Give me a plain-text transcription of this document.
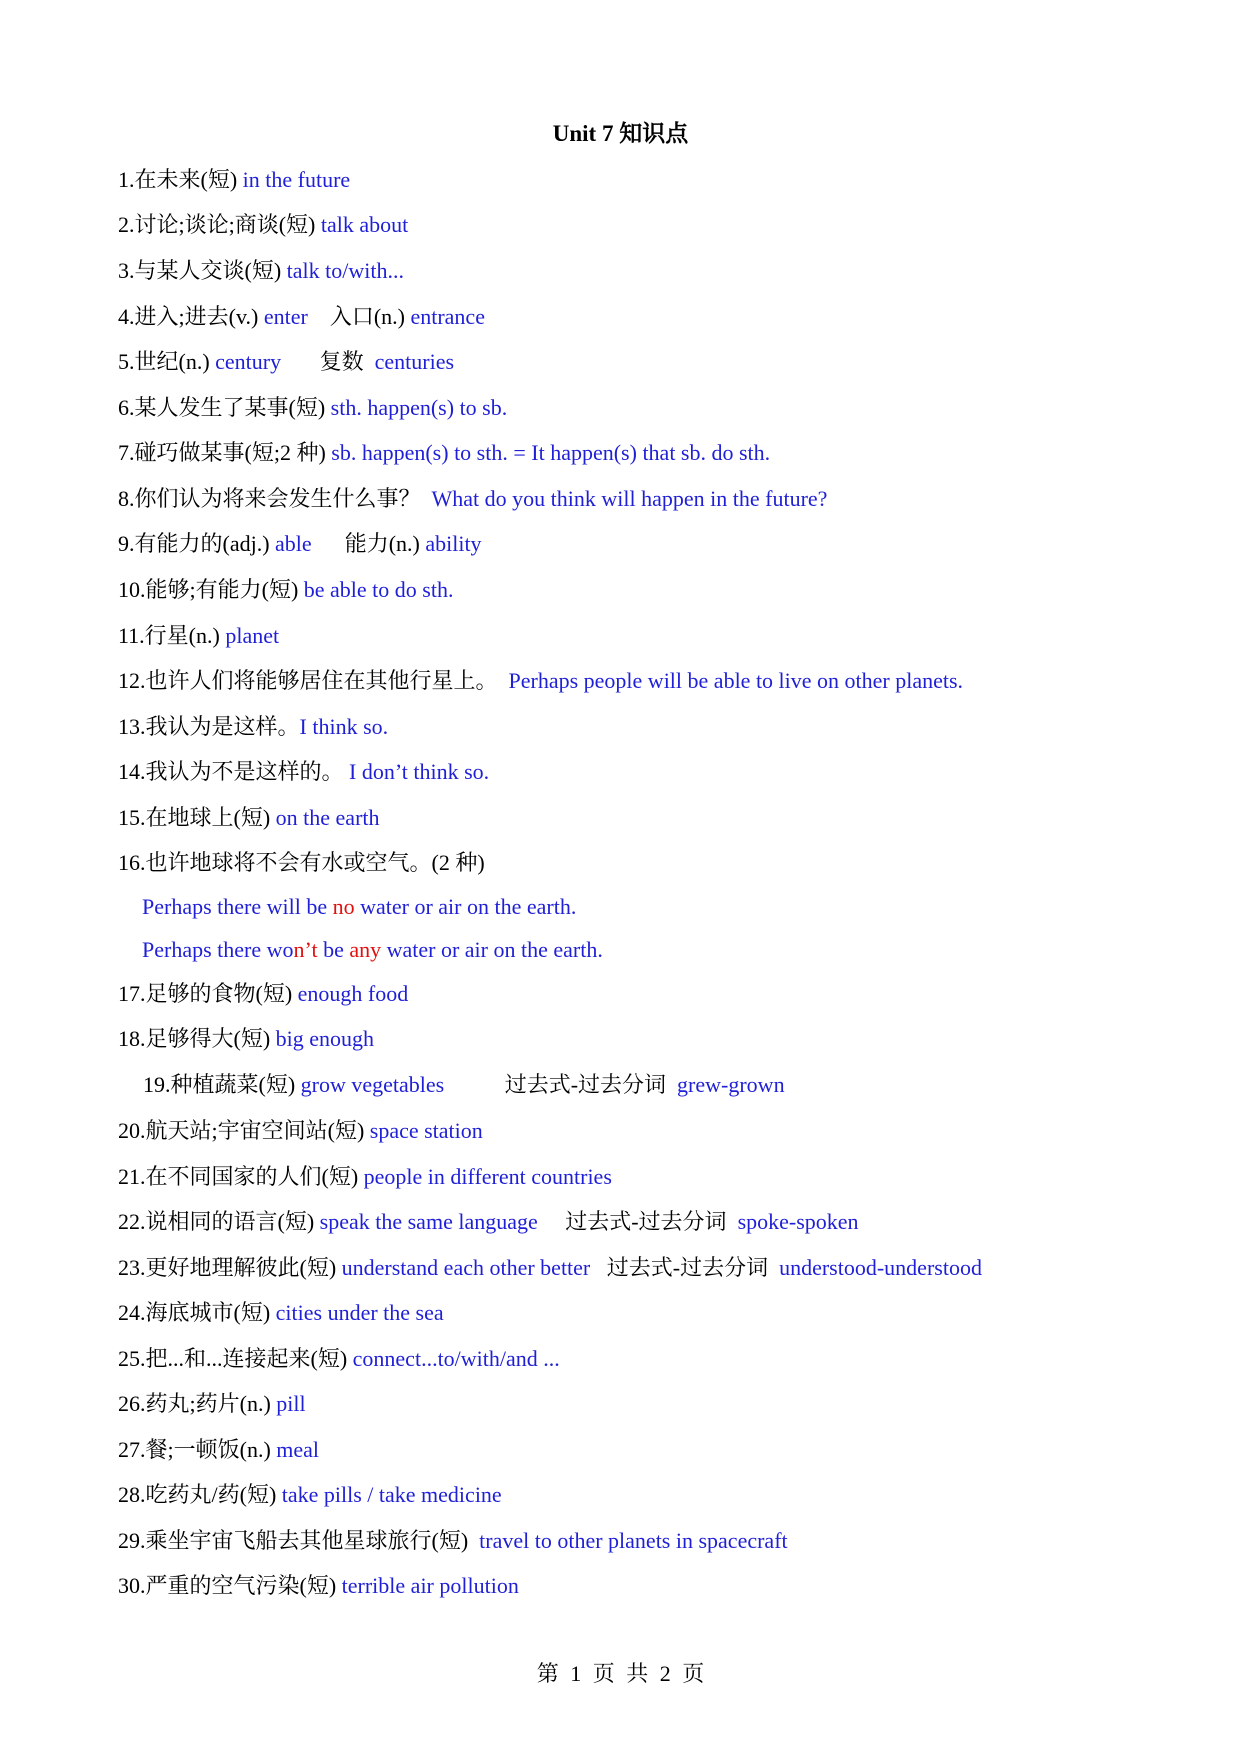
Unit 7 知识点
1.在未来(短) in the future
2.讨论;谈论;商谈(短) talk about
3.与某人交谈(短) talk to/with...
4.进入;进去(v.) enter    入口(n.) entrance
5.世纪(n.) century       复数  centuries
6.某人发生了某事(短) sth. happen(s) to sb.
7.碰巧做某事(短;2 种) sb. happen(s) to sth. = It happen(s) that sb. do sth.
8.你们认为将来会发生什么事？  What do you think will happen in the future?
9.有能力的(adj.) able      能力(n.) ability
10.能够;有能力(短) be able to do sth.
11.行星(n.) planet
12.也许人们将能够居住在其他行星上。  Perhaps people will be able to live on other planets.
13.我认为是这样。I think so.
14.我认为不是这样的。 I don’t think so.
15.在地球上(短) on the earth
16.也许地球将不会有水或空气。(2 种)
Perhaps there will be no water or air on the earth.
Perhaps there won’t be any water or air on the earth.
17.足够的食物(短) enough food
18.足够得大(短) big enough
19.种植蔬菜(短) grow vegetables           过去式-过去分词  grew-grown
20.航天站;宇宙空间站(短) space station
21.在不同国家的人们(短) people in different countries
22.说相同的语言(短) speak the same language     过去式-过去分词  spoke-spoken
23.更好地理解彼此(短) understand each other better   过去式-过去分词  understood-understood
24.海底城市(短) cities under the sea
25.把...和...连接起来(短) connect...to/with/and ...
26.药丸;药片(n.) pill
27.餐;一顿饭(n.) meal
28.吃药丸/药(短) take pills / take medicine
29.乘坐宇宙飞船去其他星球旅行(短)  travel to other planets in spacecraft
30.严重的空气污染(短) terrible air pollution
第 1 页 共 2 页
